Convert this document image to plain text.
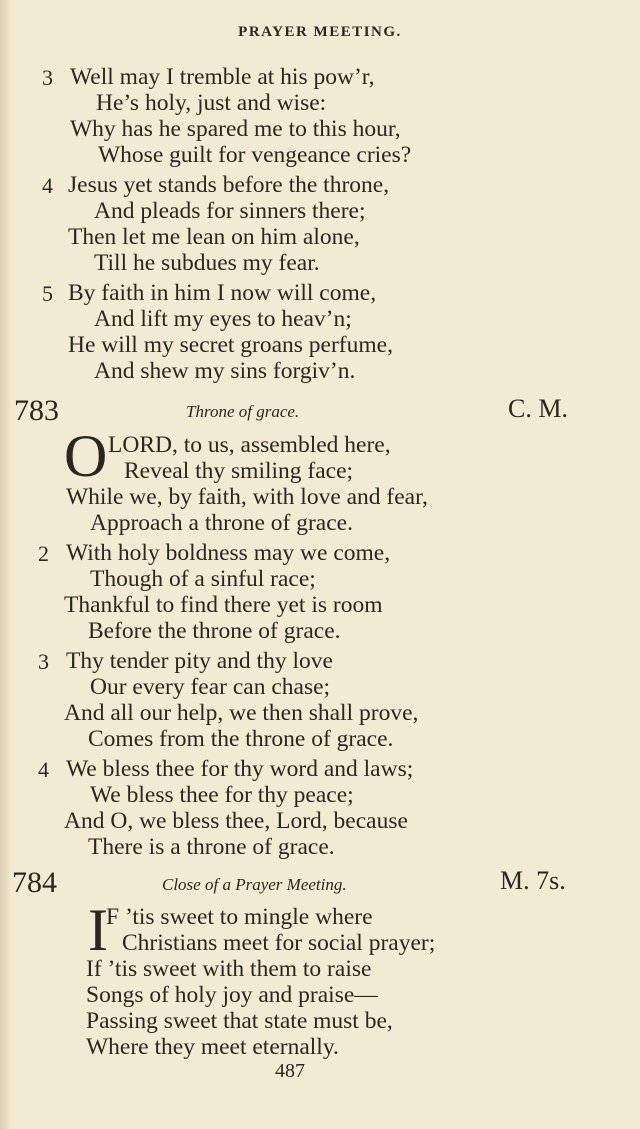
PRAYER MEETING.
3 Well may I tremble at his pow’r,
He’s holy, just and wise:
Why has he spared me to this hour,
Whose guilt for vengeance cries?
4 Jesus yet stands before the throne,
And pleads for sinners there;
Then let me lean on him alone,
Till he subdues my fear.
5 By faith in him I now will come,
And lift my eyes to heav’n;
He will my secret groans perfume,
And shew my sins forgiv’n.
783	Throne of grace.	C. M.
O LORD, to us, assembled here,
Reveal thy smiling face;
While we, by faith, with love and fear,
Approach a throne of grace.
2 With holy boldness may we come,
Though of a sinful race;
Thankful to find there yet is room
Before the throne of grace.
3 Thy tender pity and thy love
Our every fear can chase;
And all our help, we then shall prove,
Comes from the throne of grace.
4 We bless thee for thy word and laws;
We bless thee for thy peace;
And O, we bless thee, Lord, because
There is a throne of grace.
784	Close of a Prayer Meeting.	M. 7s.
I
F ’tis sweet to mingle where
Christians meet for social prayer;
If ’tis sweet with them to raise
Songs of holy joy and praise—
Passing sweet that state must be,
Where they meet eternally.
487
